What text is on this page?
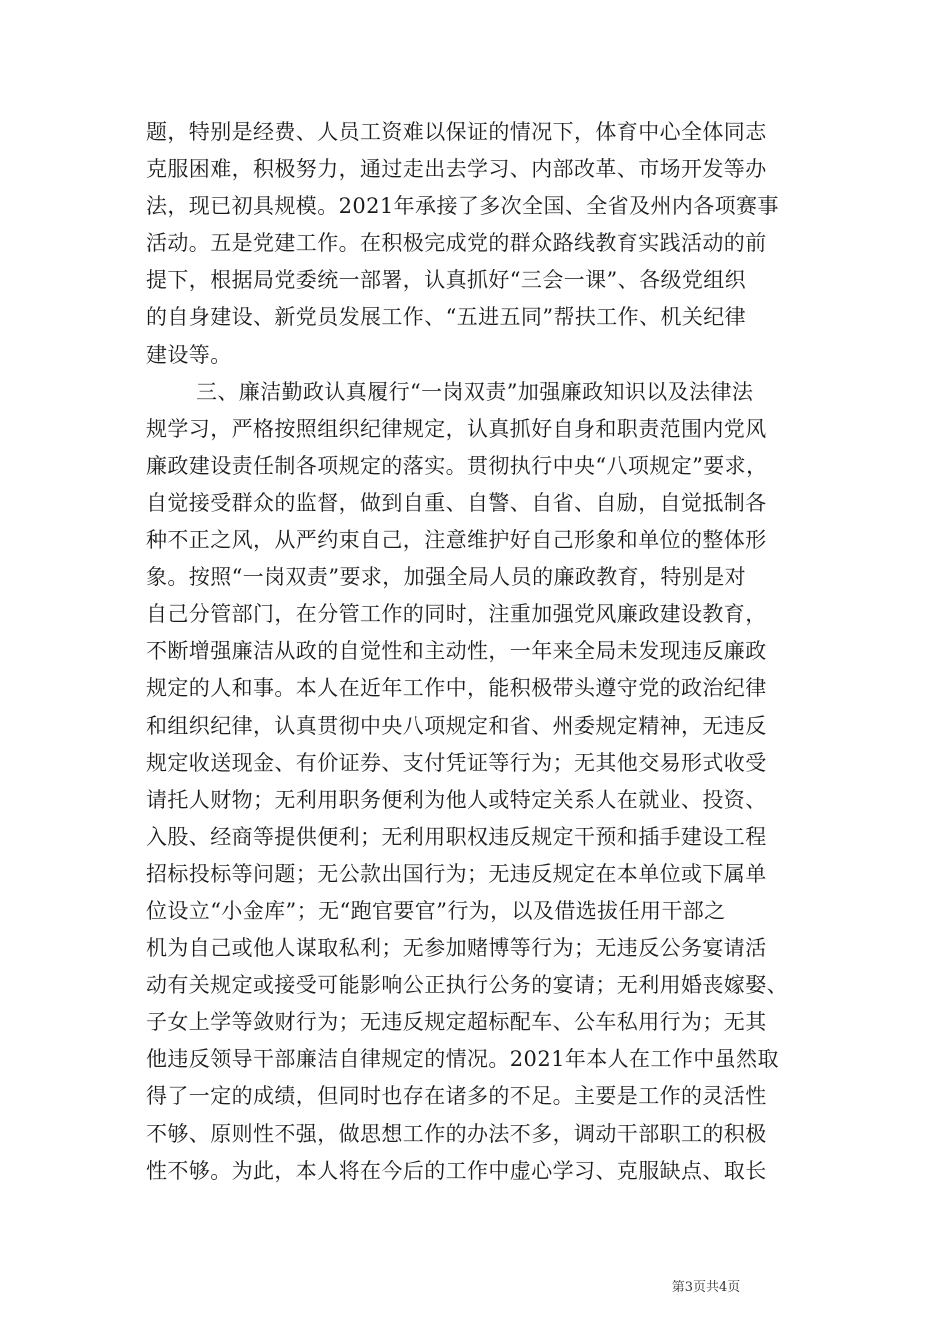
题，特别是经费、人员工资难以保证的情况下，体育中心全体同志
克服困难，积极努力，通过走出去学习、内部改革、市场开发等办
法，现已初具规模。2021年承接了多次全国、全省及州内各项赛事
活动。五是党建工作。在积极完成党的群众路线教育实践活动的前
提下，根据局党委统一部署，认真抓好“三会一课”、各级党组织
的自身建设、新党员发展工作、“五进五同”帮扶工作、机关纪律
建设等。
三、廉洁勤政认真履行“一岗双责”加强廉政知识以及法律法
规学习，严格按照组织纪律规定，认真抓好自身和职责范围内党风
廉政建设责任制各项规定的落实。贯彻执行中央“八项规定”要求，
自觉接受群众的监督，做到自重、自警、自省、自励，自觉抵制各
种不正之风，从严约束自己，注意维护好自己形象和单位的整体形
象。按照“一岗双责”要求，加强全局人员的廉政教育，特别是对
自己分管部门，在分管工作的同时，注重加强党风廉政建设教育，
不断增强廉洁从政的自觉性和主动性，一年来全局未发现违反廉政
规定的人和事。本人在近年工作中，能积极带头遵守党的政治纪律
和组织纪律，认真贯彻中央八项规定和省、州委规定精神，无违反
规定收送现金、有价证券、支付凭证等行为；无其他交易形式收受
请托人财物；无利用职务便利为他人或特定关系人在就业、投资、
入股、经商等提供便利；无利用职权违反规定干预和插手建设工程
招标投标等问题；无公款出国行为；无违反规定在本单位或下属单
位设立“小金库”；无“跑官要官”行为，以及借选拔任用干部之
机为自己或他人谋取私利；无参加赌博等行为；无违反公务宴请活
动有关规定或接受可能影响公正执行公务的宴请；无利用婚丧嫁娶、
子女上学等敛财行为；无违反规定超标配车、公车私用行为；无其
他违反领导干部廉洁自律规定的情况。2021年本人在工作中虽然取
得了一定的成绩，但同时也存在诸多的不足。主要是工作的灵活性
不够、原则性不强，做思想工作的办法不多，调动干部职工的积极
性不够。为此，本人将在今后的工作中虚心学习、克服缺点、取长
第3页共4页
